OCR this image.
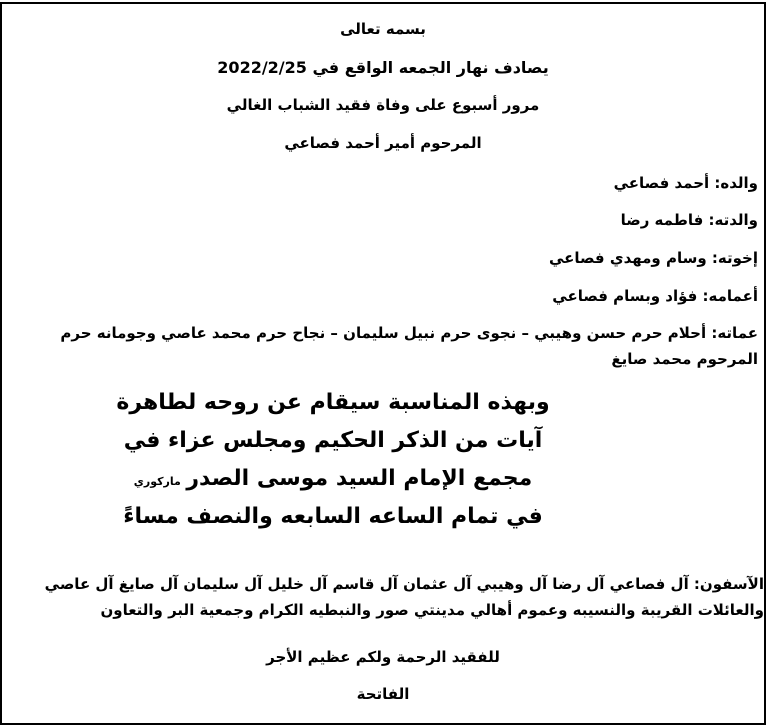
بسمه تعالى
يصادف نهار الجمعه الواقع في 2022/2/25
مرور أسبوع على وفاة فقيد الشباب الغالي
المرحوم أمير أحمد فصاعي
والده: أحمد فصاعي
والدته: فاطمه رضا
إخوته: وسام ومهدي فصاعي
أعمامه: فؤاد وبسام فصاعي
عماته: أحلام حرم حسن وهيبي – نجوى حرم نبيل سليمان – نجاح حرم محمد عاصي وجومانه حرم المرحوم محمد صايغ
وبهذه المناسبة سيقام عن روحه لطاهرة
آيات من الذكر الحكيم ومجلس عزاء في
مجمع الإمام السيد موسى الصدر ماركوري
في تمام الساعه السابعه والنصف مساءً
الآسفون: آل فصاعي آل رضا آل وهيبي آل عثمان آل قاسم آل خليل آل سليمان آل صايغ آل عاصي والعائلات القريبة والنسيبه وعموم أهالي مدينتي صور والنبطيه الكرام وجمعية البر والتعاون
للفقيد الرحمة ولكم عظيم الأجر
الفاتحة
